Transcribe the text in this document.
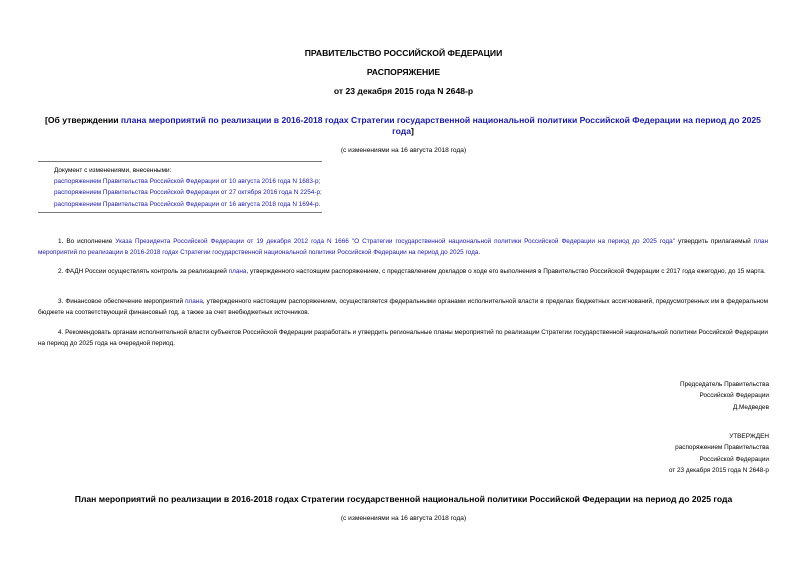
ПРАВИТЕЛЬСТВО РОССИЙСКОЙ ФЕДЕРАЦИИ
РАСПОРЯЖЕНИЕ
от 23 декабря 2015 года N 2648-р
[Об утверждении плана мероприятий по реализации в 2016-2018 годах Стратегии государственной национальной политики Российской Федерации на период до 2025 года]
(с изменениями на 16 августа 2018 года)
Документ с изменениями, внесенными:
распоряжением Правительства Российской Федерации от 10 августа 2016 года N 1683-р;
распоряжением Правительства Российской Федерации от 27 октября 2016 года N 2254-р;
распоряжением Правительства Российской Федерации от 16 августа 2018 года N 1694-р.
1. Во исполнение Указа Президента Российской Федерации от 19 декабря 2012 года N 1666 "О Стратегии государственной национальной политики Российской Федерации на период до 2025 года" утвердить прилагаемый план мероприятий по реализации в 2016-2018 годах Стратегии государственной национальной политики Российской Федерации на период до 2025 года.
2. ФАДН России осуществлять контроль за реализацией плана, утвержденного настоящим распоряжением, с представлением докладов о ходе его выполнения в Правительство Российской Федерации с 2017 года ежегодно, до 15 марта.
3. Финансовое обеспечение мероприятий плана, утвержденного настоящим распоряжением, осуществляется федеральными органами исполнительной власти в пределах бюджетных ассигнований, предусмотренных им в федеральном бюджете на соответствующий финансовый год, а также за счет внебюджетных источников.
4. Рекомендовать органам исполнительной власти субъектов Российской Федерации разработать и утвердить региональные планы мероприятий по реализации Стратегии государственной национальной политики Российской Федерации на период до 2025 года на очередной период.
Председатель Правительства
Российской Федерации
Д.Медведев
УТВЕРЖДЕН
распоряжением Правительства
Российской Федерации
от 23 декабря 2015 года N 2648-р
План мероприятий по реализации в 2016-2018 годах Стратегии государственной национальной политики Российской Федерации на период до 2025 года
(с изменениями на 16 августа 2018 года)
